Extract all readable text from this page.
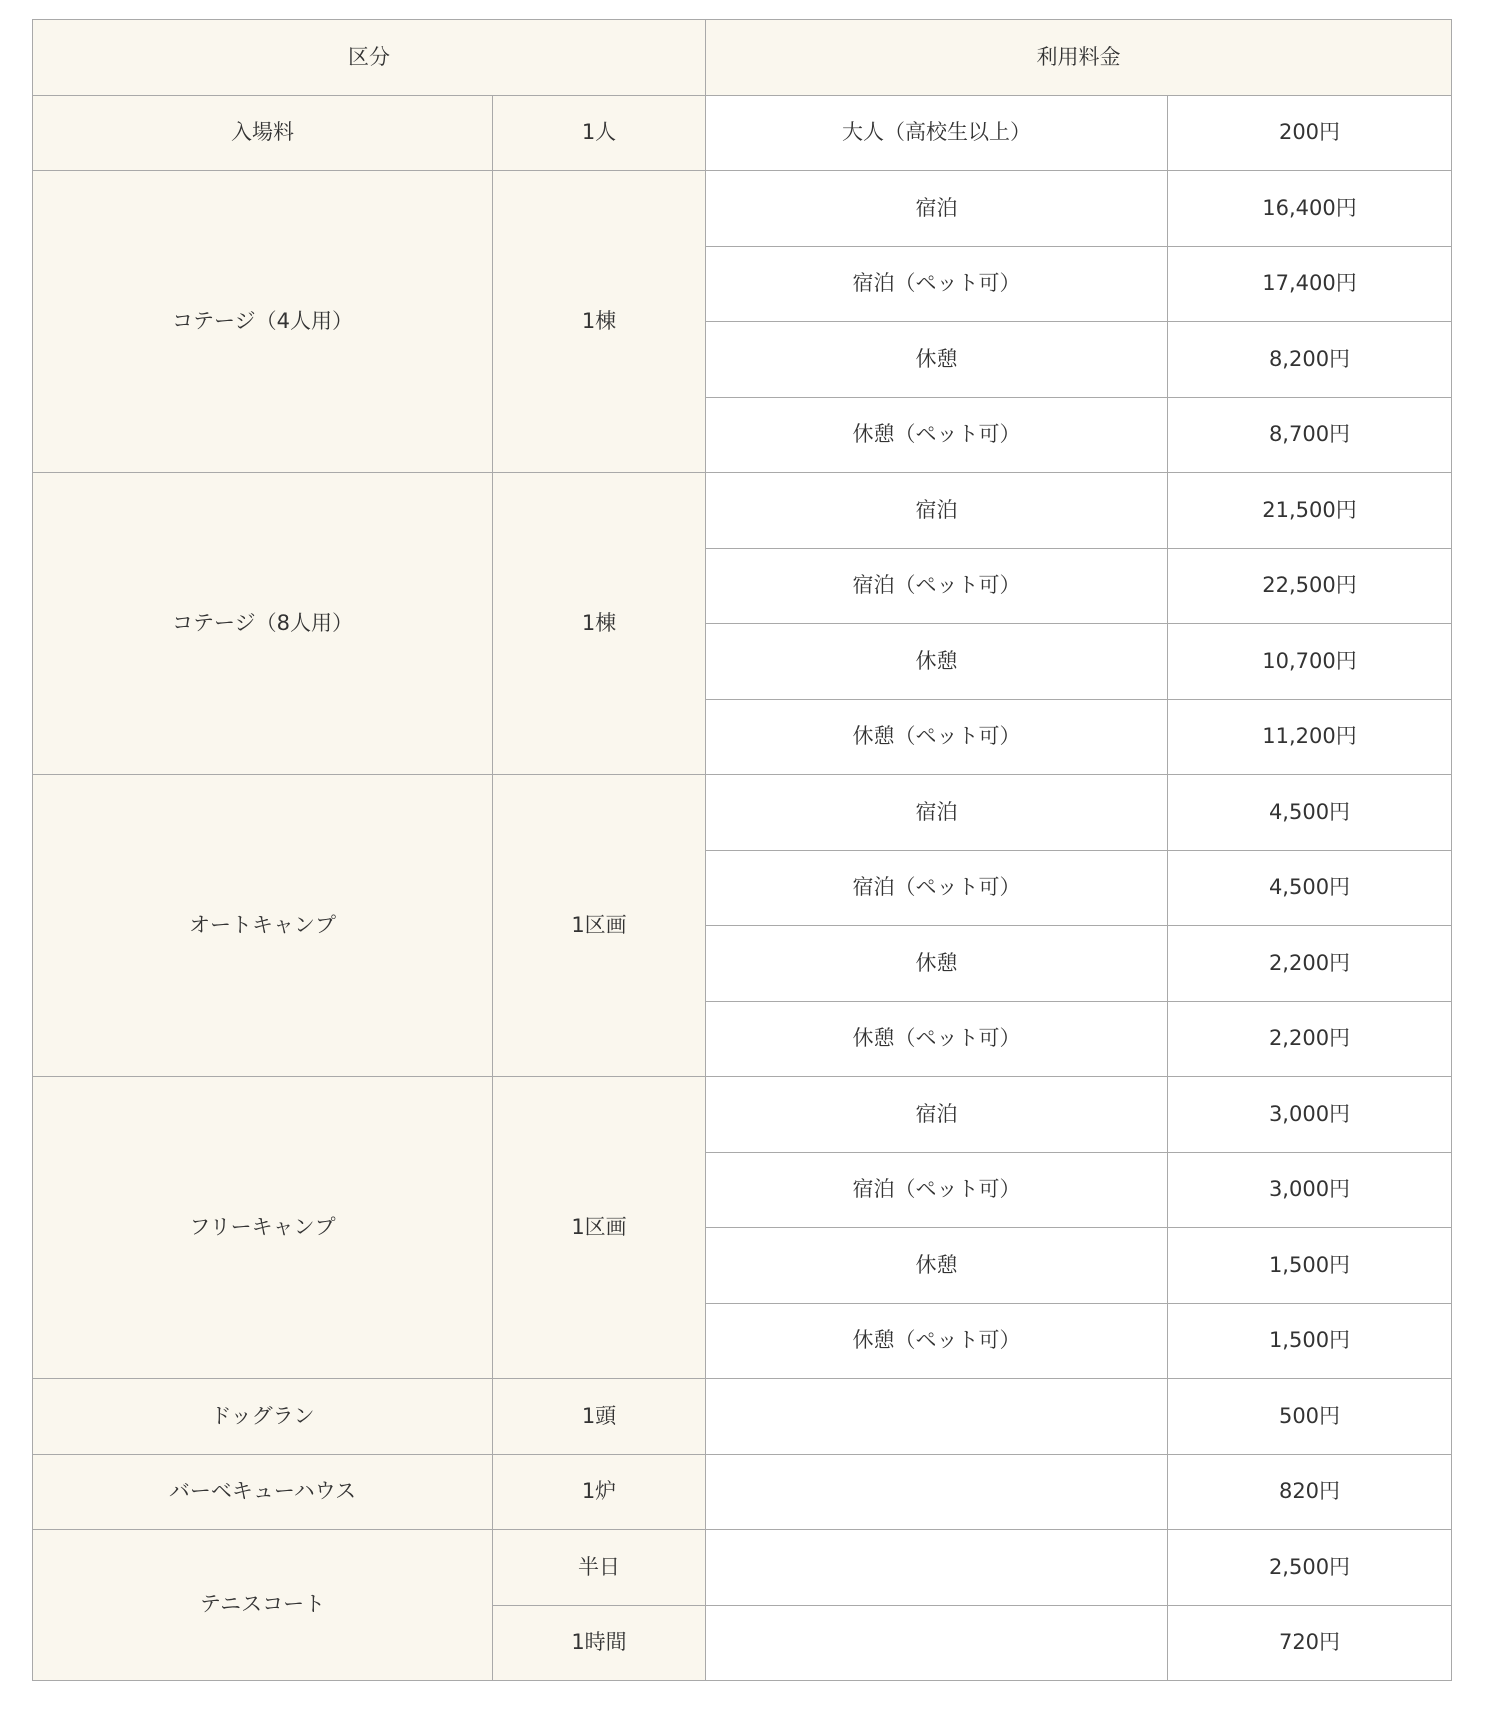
区分		利用料金	
入場料	1人	大人（高校生以上）	200円
コテージ（4人用）	1棟	宿泊	16,400円
		宿泊（ペット可）	17,400円
		休憩	8,200円
		休憩（ペット可）	8,700円
コテージ（8人用）	1棟	宿泊	21,500円
		宿泊（ペット可）	22,500円
		休憩	10,700円
		休憩（ペット可）	11,200円
オートキャンプ	1区画	宿泊	4,500円
		宿泊（ペット可）	4,500円
		休憩	2,200円
		休憩（ペット可）	2,200円
フリーキャンプ	1区画	宿泊	3,000円
		宿泊（ペット可）	3,000円
		休憩	1,500円
		休憩（ペット可）	1,500円
ドッグラン	1頭		500円
バーベキューハウス	1炉		820円
テニスコート	半日		2,500円
	1時間		720円
